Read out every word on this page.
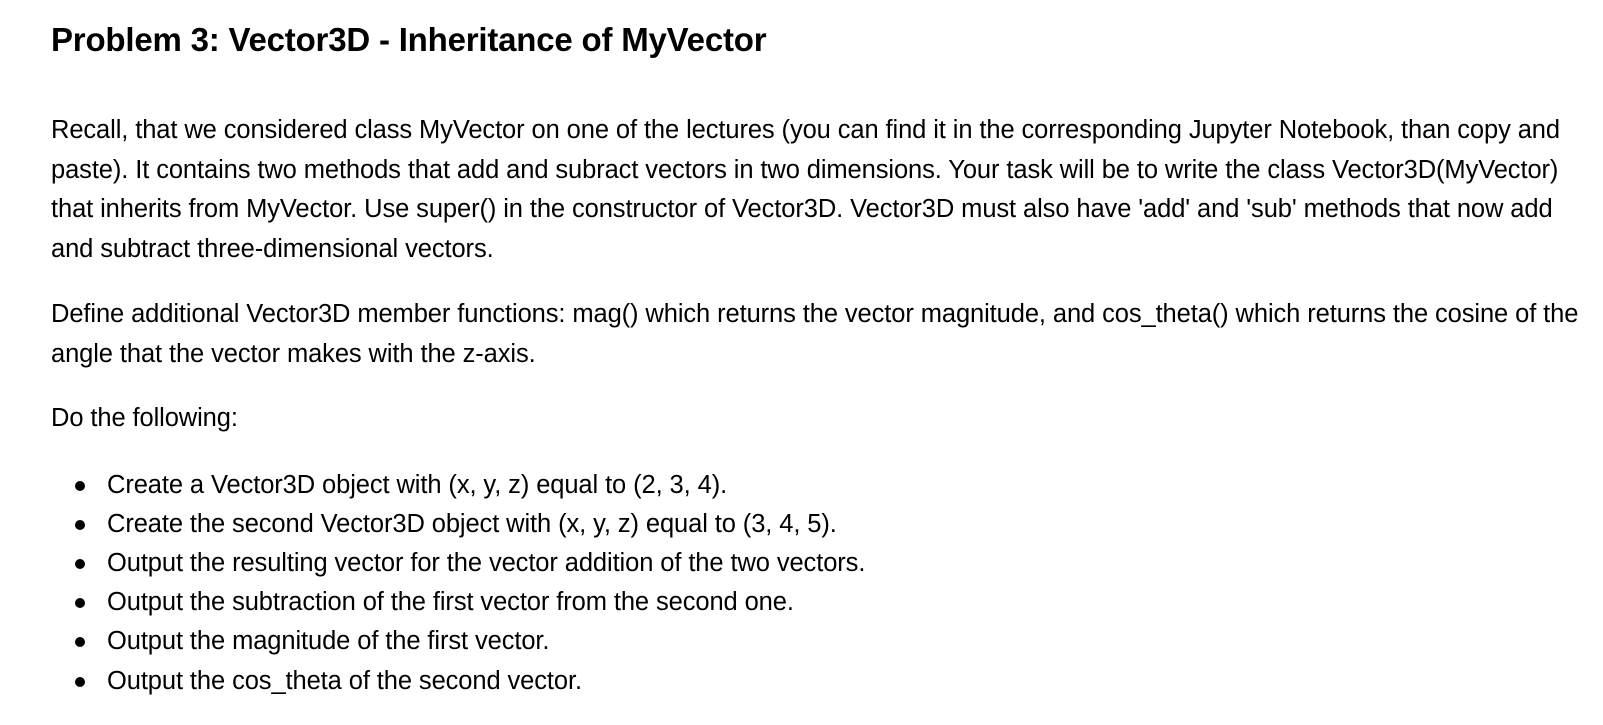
Problem 3: Vector3D - Inheritance of MyVector

Recall, that we considered class MyVector on one of the lectures (you can find it in the corresponding Jupyter Notebook, than copy and paste). It contains two methods that add and subract vectors in two dimensions. Your task will be to write the class Vector3D(MyVector) that inherits from MyVector. Use super() in the constructor of Vector3D. Vector3D must also have 'add' and 'sub' methods that now add and subtract three-dimensional vectors.

Define additional Vector3D member functions: mag() which returns the vector magnitude, and cos_theta() which returns the cosine of the angle that the vector makes with the z-axis.

Do the following:

Create a Vector3D object with (x, y, z) equal to (2, 3, 4).
Create the second Vector3D object with (x, y, z) equal to (3, 4, 5).
Output the resulting vector for the vector addition of the two vectors.
Output the subtraction of the first vector from the second one.
Output the magnitude of the first vector.
Output the cos_theta of the second vector.
